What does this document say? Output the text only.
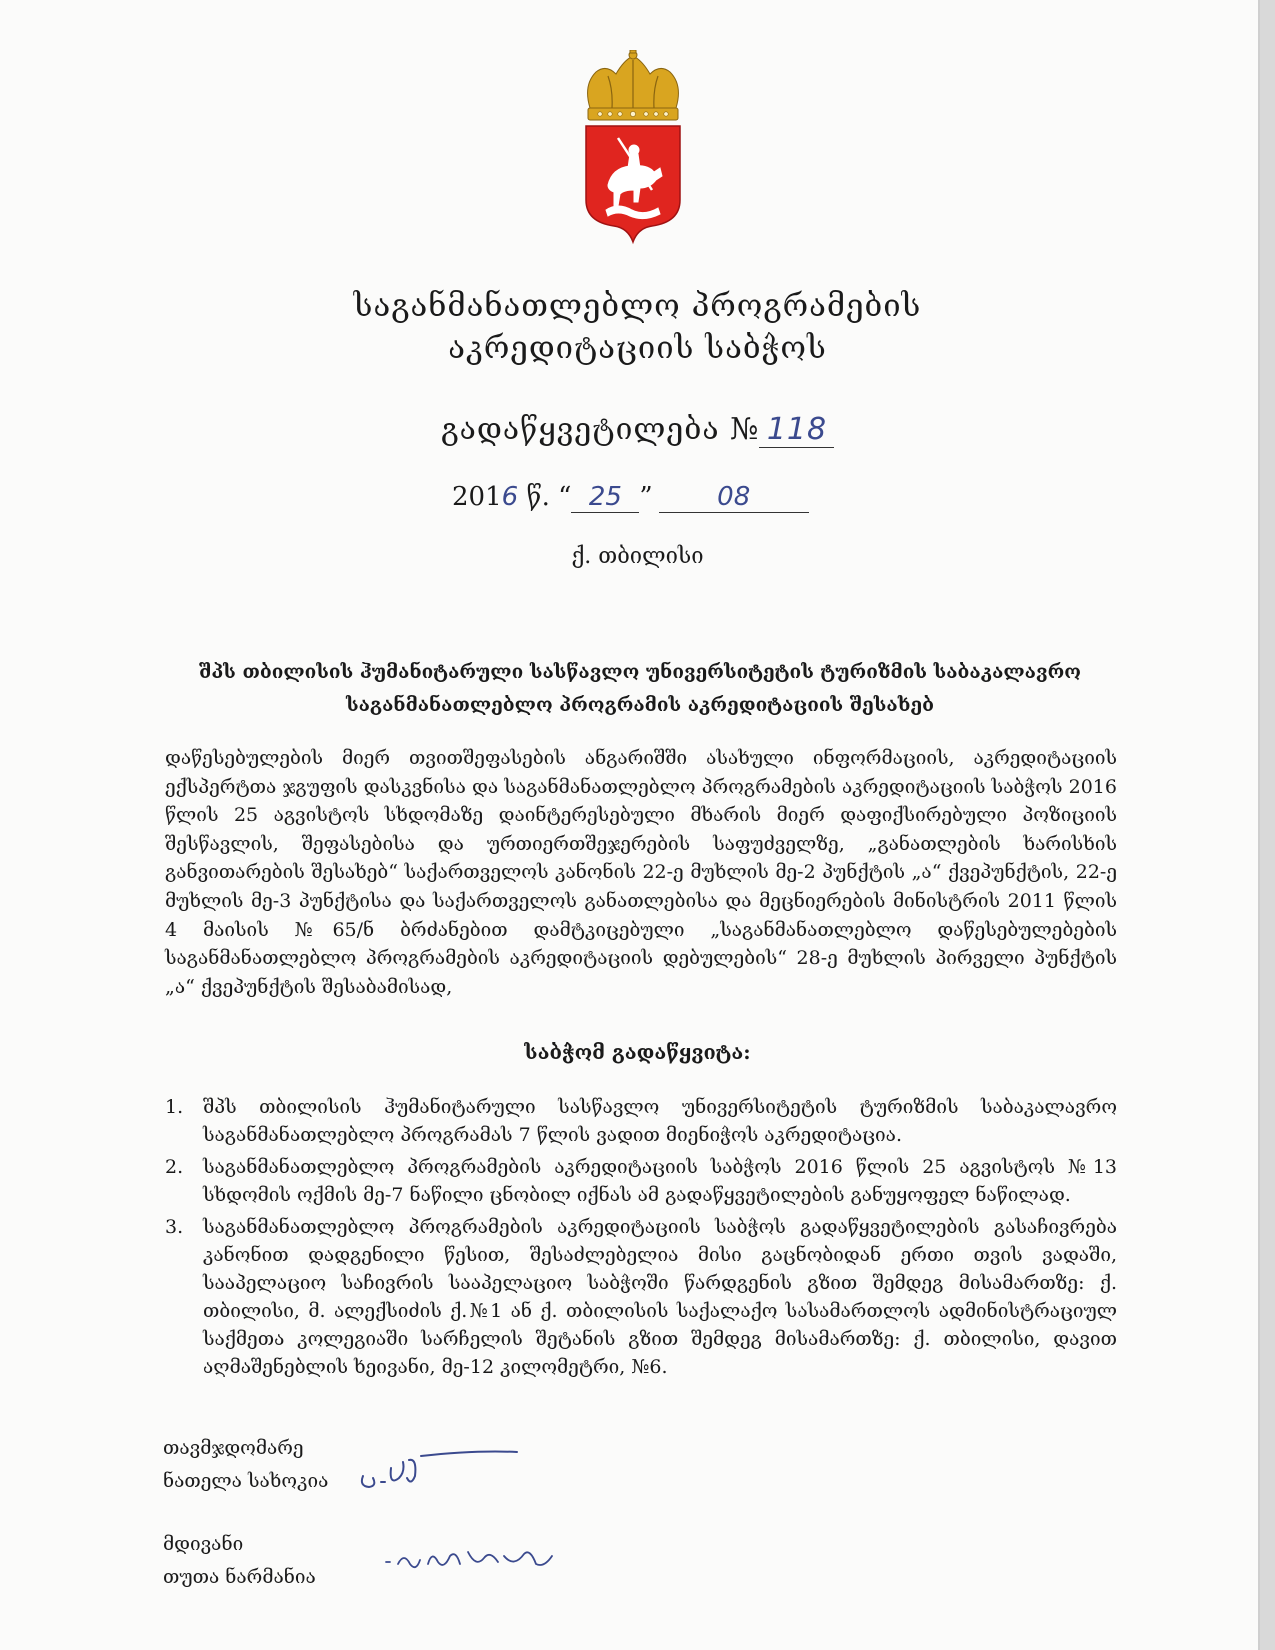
საგანმანათლებლო პროგრამების
აკრედიტაციის საბჭოს
გადაწყვეტილება № 118
2016 წ. “ 25 ” 08
ქ. თბილისი
შპს თბილისის ჰუმანიტარული სასწავლო უნივერსიტეტის ტურიზმის საბაკალავრო
საგანმანათლებლო პროგრამის აკრედიტაციის შესახებ
დაწესებულების მიერ თვითშეფასების ანგარიშში ასახული ინფორმაციის, აკრედიტაციის ექსპერტთა ჯგუფის დასკვნისა და საგანმანათლებლო პროგრამების აკრედიტაციის საბჭოს 2016 წლის 25 აგვისტოს სხდომაზე დაინტერესებული მხარის მიერ დაფიქსირებული პოზიციის შესწავლის, შეფასებისა და ურთიერთშეჯერების საფუძველზე, „განათლების ხარისხის განვითარების შესახებ“ საქართველოს კანონის 22-ე მუხლის მე-2 პუნქტის „ა“ ქვეპუნქტის, 22-ე მუხლის მე-3 პუნქტისა და საქართველოს განათლებისა და მეცნიერების მინისტრის 2011 წლის 4 მაისის №65/ნ ბრძანებით დამტკიცებული „საგანმანათლებლო დაწესებულებების საგანმანათლებლო პროგრამების აკრედიტაციის დებულების“ 28-ე მუხლის პირველი პუნქტის „ა“ ქვეპუნქტის შესაბამისად,
საბჭომ გადაწყვიტა:
1. შპს თბილისის ჰუმანიტარული სასწავლო უნივერსიტეტის ტურიზმის საბაკალავრო საგანმანათლებლო პროგრამას 7 წლის ვადით მიენიჭოს აკრედიტაცია.
2. საგანმანათლებლო პროგრამების აკრედიტაციის საბჭოს 2016 წლის 25 აგვისტოს №13 სხდომის ოქმის მე-7 ნაწილი ცნობილ იქნას ამ გადაწყვეტილების განუყოფელ ნაწილად.
3. საგანმანათლებლო პროგრამების აკრედიტაციის საბჭოს გადაწყვეტილების გასაჩივრება კანონით დადგენილი წესით, შესაძლებელია მისი გაცნობიდან ერთი თვის ვადაში, სააპელაციო საჩივრის სააპელაციო საბჭოში წარდგენის გზით შემდეგ მისამართზე: ქ. თბილისი, მ. ალექსიძის ქ.№1 ან ქ. თბილისის საქალაქო სასამართლოს ადმინისტრაციულ საქმეთა კოლეგიაში სარჩელის შეტანის გზით შემდეგ მისამართზე: ქ. თბილისი, დავით აღმაშენებლის ხეივანი, მე-12 კილომეტრი, №6.
თავმჯდომარე
ნათელა სახოკია
მდივანი
თუთა ნარმანია
